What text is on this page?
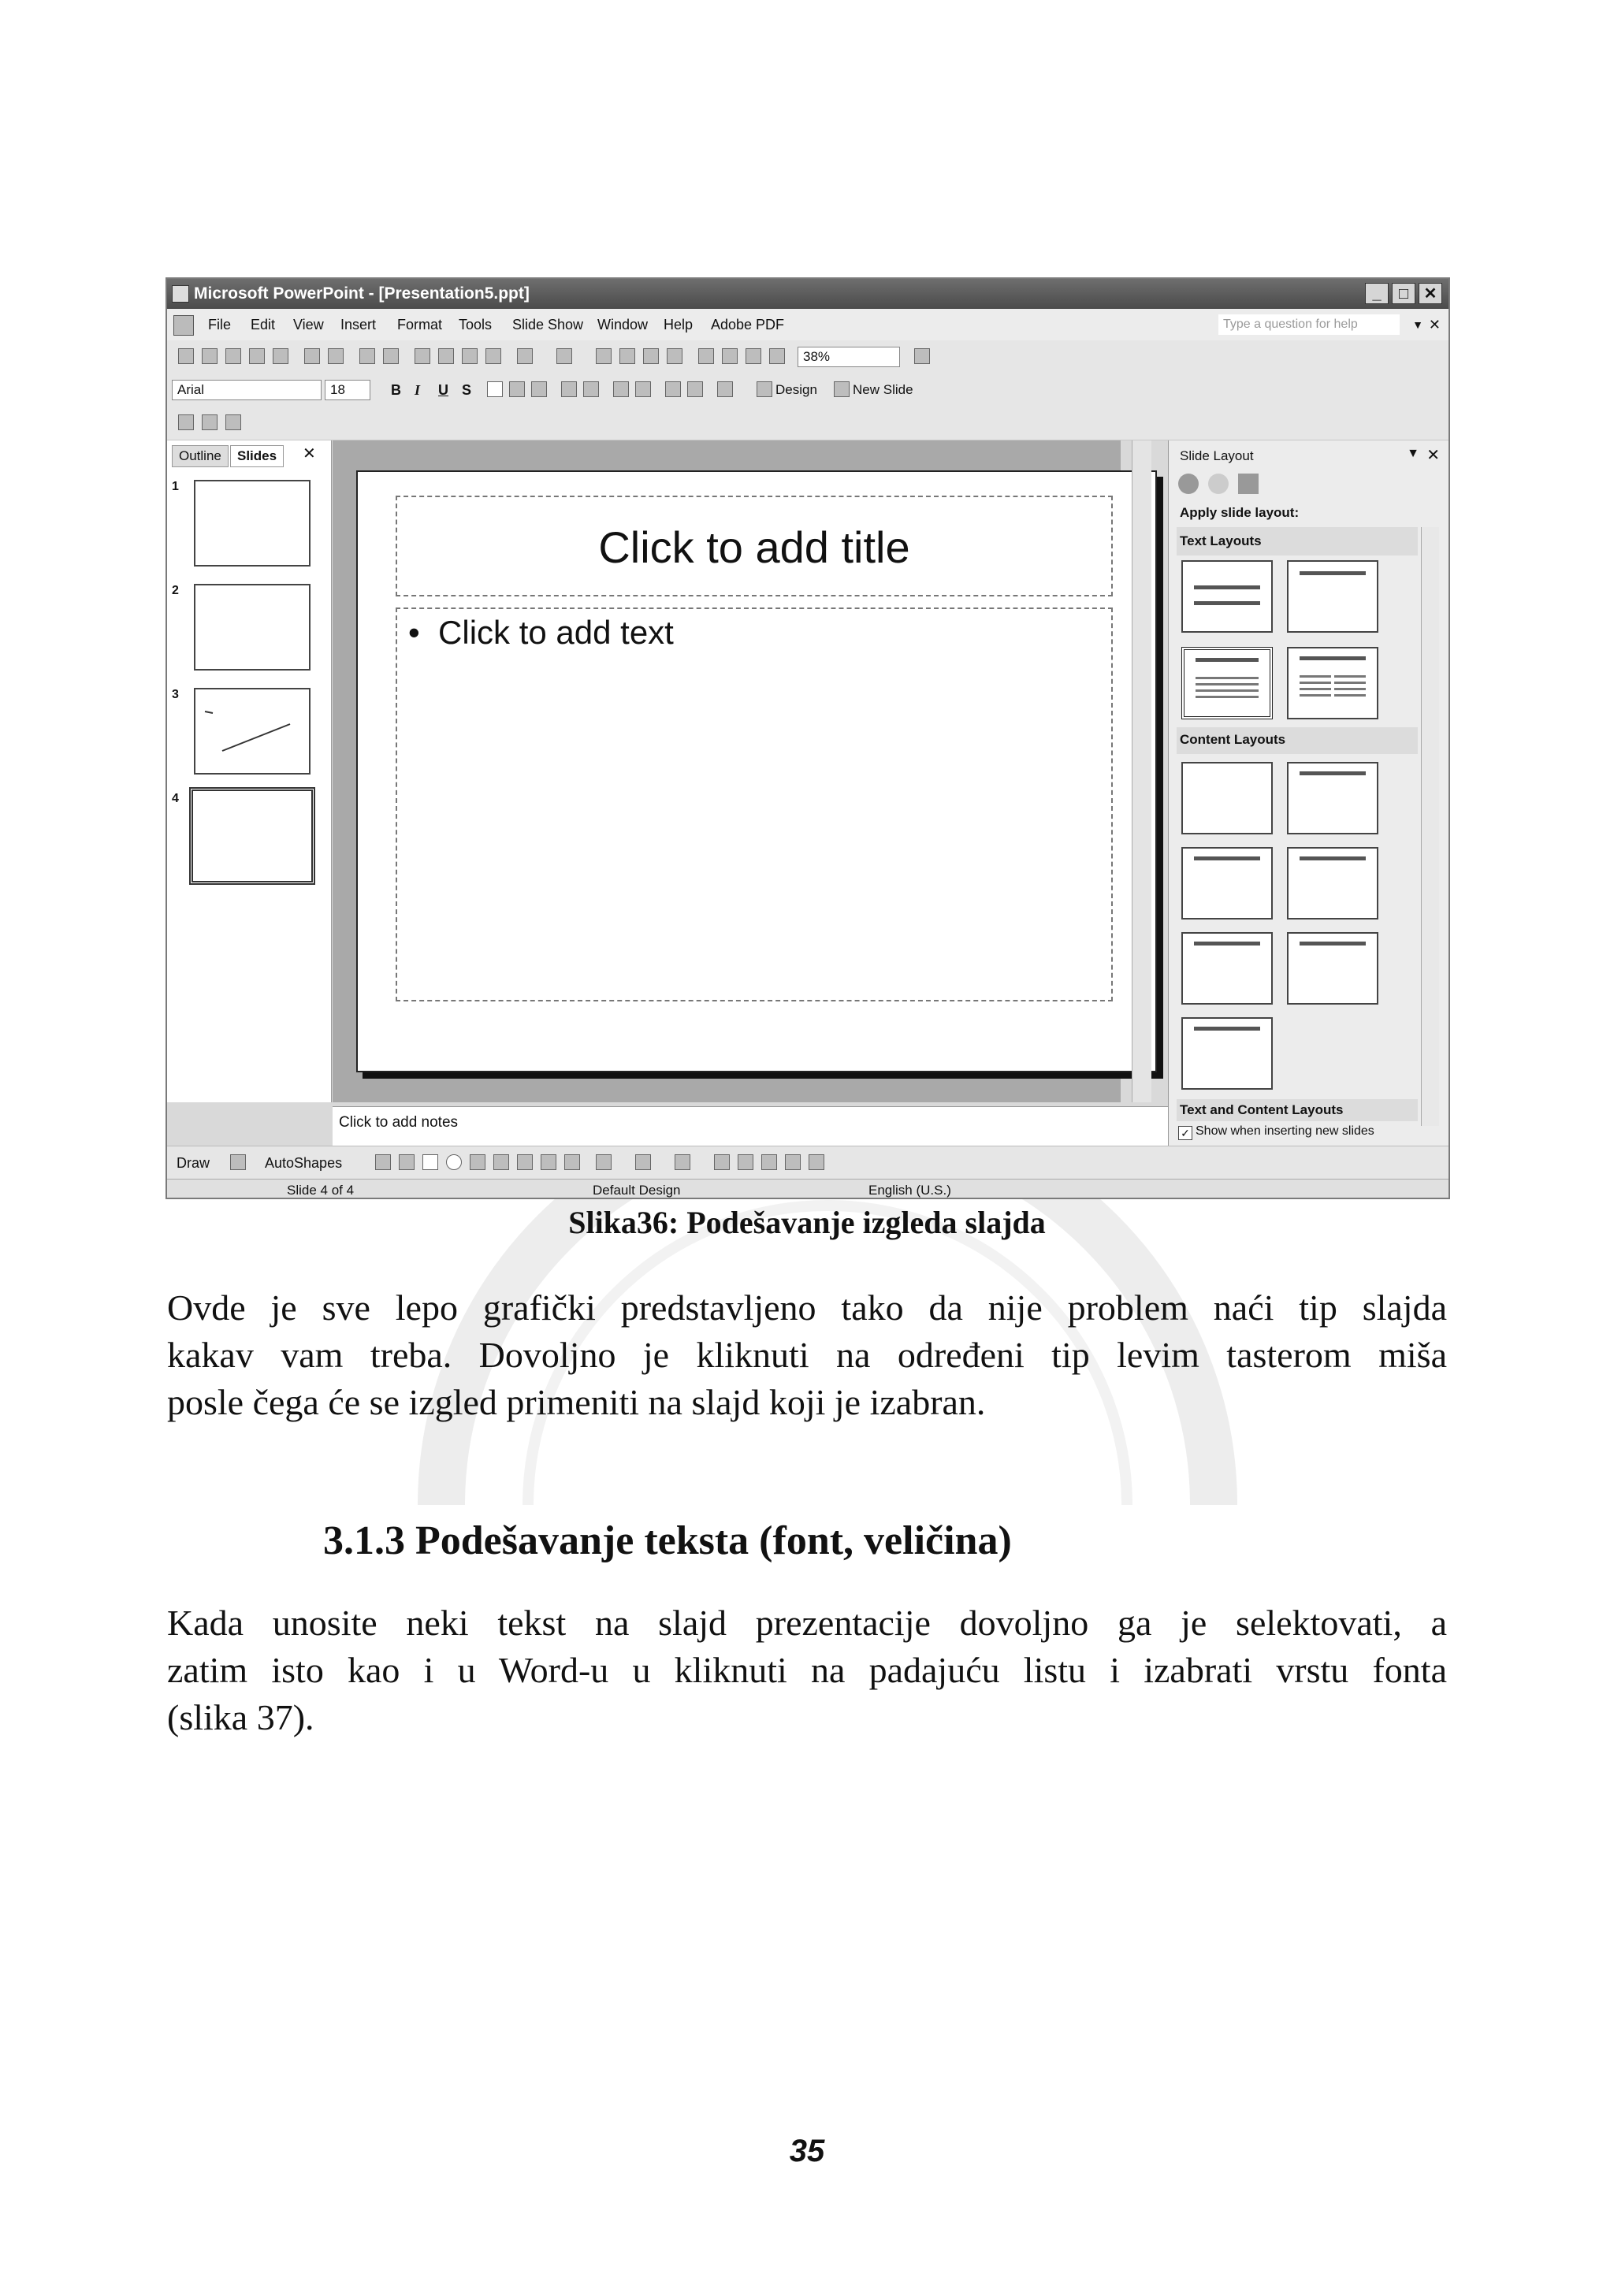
Microsoft PowerPoint - [Presentation5.ppt]	_	□ ✕
File Edit View Insert Format Tools Slide Show Window Help Adobe PDF	Type a question for help	▼ ✕
38%
Arial	18	B I U S	Design	New Slide
Outline	Slides	✕
1
2
3
4
Click to add title
•  Click to add text
Click to add notes
Slide Layout	▼ ✕
Apply slide layout:
Text Layouts
Content Layouts
Text and Content Layouts
✓ Show when inserting new slides
Draw	AutoShapes
Slide 4 of 4	Default Design	English (U.S.)
Slika36: Podešavanje izgleda slajda
Ovde je sve lepo grafički predstavljeno tako da nije problem naći tip slajda
kakav vam treba. Dovoljno je kliknuti na određeni tip levim tasterom miša
posle čega će se izgled primeniti na slajd koji je izabran.
3.1.3 Podešavanje teksta (font, veličina)
Kada unosite neki tekst na slajd prezentacije dovoljno ga je selektovati, a
zatim isto kao i u Word-u u kliknuti na padajuću listu i izabrati vrstu fonta
(slika 37).
35
